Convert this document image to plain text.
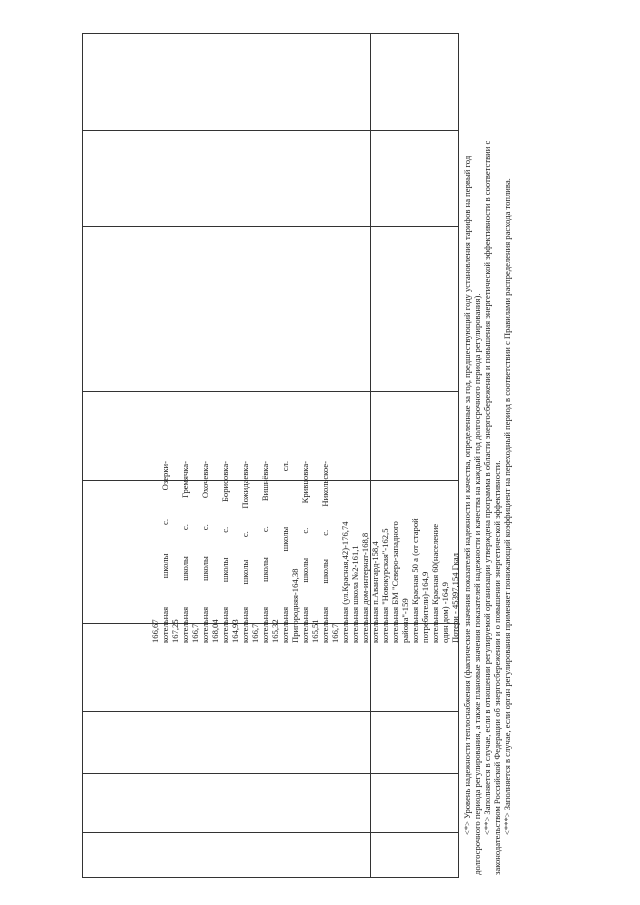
166,67 котельная школы с. Озерки- 167,25 котельная школы с. Гремячка- 166,7 котельная школы с. Охочевка- 168,04 котельная школы с. Борисовка- 164,93 котельная школы с. Пожидаевка- 166,7 котельная школы с. Вишнёвка- 165,32 котельная школы сл. Пригородняя-164,38 котельная школы с. Кривцовка- 165,51 котельная школы с. Никольское- 166,7 котельная (ул.Красная,42)-176,74 котельная школа №2-161,1 котельная дом-интернат-168,8 котельная п.Авангард-158,4 котельная "Новокурская"-162,5 котельная БМ "Северо-западного района"-159 котельная Красная 50 а (от старой потребители)-164,9 котельная Красная 60(население один дом) -164,9 Потери - 45397,154 Гкал <*> Уровень надежности теплоснабжения (фактические значения показателей надежности и качества, определенные за год, предшествующий году установления тарифов на первый год долгосрочного периода регулирования, а также плановые значения показателей надежности и качества на каждый год долгосрочного периода регулирования). <**> Заполняется в случае, если в отношении регулируемой организации утверждена программа в области энергосбережения и повышения энергетической эффективности в соответствии с законодательством Российской Федерации об энергосбережении и о повышении энергетической эффективности. <***> Заполняется в случае, если орган регулирования применяет понижающий коэффициент на переходный период в соответствии с Правилами распределения расхода топлива.
